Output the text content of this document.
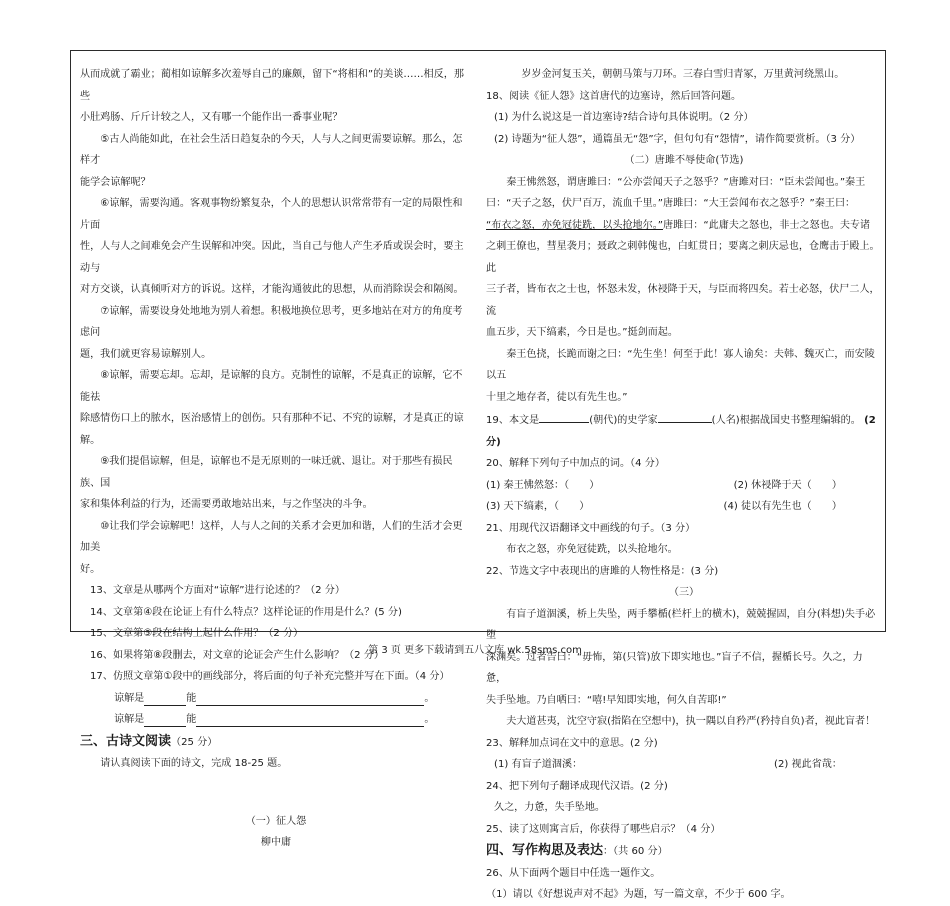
从而成就了霸业；蔺相如谅解多次羞辱自己的廉颇，留下“将相和”的美谈……相反，那些

小肚鸡肠、斤斤计较之人，又有哪一个能作出一番事业呢？

⑤古人尚能如此，在社会生活日趋复杂的今天，人与人之间更需要谅解。那么，怎样才

能学会谅解呢？

⑥谅解，需要沟通。客观事物纷繁复杂，个人的思想认识常常带有一定的局限性和片面

性，人与人之间难免会产生误解和冲突。因此，当自己与他人产生矛盾或误会时，要主动与

对方交谈，认真倾听对方的诉说。这样，才能沟通彼此的思想，从而消除误会和隔阂。

⑦谅解，需要设身处地地为别人着想。积极地换位思考，更多地站在对方的角度考虑问

题，我们就更容易谅解别人。

⑧谅解，需要忘却。忘却，是谅解的良方。克制性的谅解，不是真正的谅解，它不能祛

除感情伤口上的脓水，医治感情上的创伤。只有那种不记、不究的谅解，才是真正的谅解。

⑨我们提倡谅解，但是，谅解也不是无原则的一味迁就、退让。对于那些有损民族、国

家和集体利益的行为，还需要勇敢地站出来，与之作坚决的斗争。

⑩让我们学会谅解吧！这样，人与人之间的关系才会更加和谐，人们的生活才会更加美

好。

13、文章是从哪两个方面对“谅解”进行论述的？（2 分）

14、文章第④段在论证上有什么特点？这样论证的作用是什么？(5 分)

15、文章第⑤段在结构上起什么作用？（2 分）

16、如果将第⑧段删去，对文章的论证会产生什么影响？（2 分）

17、仿照文章第①段中的画线部分，将后面的句子补充完整并写在下面。（4 分）

谅解是	能	。
谅解是	能	。

三、古诗文阅读（25 分）

请认真阅读下面的诗文，完成 18-25 题。

（一）征人怨

柳中庸

岁岁金河复玉关，朝朝马策与刀环。三春白雪归青冢，万里黄河绕黑山。

18、阅读《征人怨》这首唐代的边塞诗，然后回答问题。

(1) 为什么说这是一首边塞诗?结合诗句具体说明。（2 分）

(2) 诗题为“征人怨”，通篇虽无“怨”字，但句句有“怨情”，请作简要赏析。（3 分）

（二）唐雎不辱使命(节选)

秦王怫然怒，谓唐雎曰：“公亦尝闻天子之怒乎？”唐雎对曰：“臣未尝闻也。”秦王

曰：“天子之怒，伏尸百万，流血千里。”唐雎曰：“大王尝闻布衣之怒乎？”秦王曰：

“布衣之怒，亦免冠徒跣，以头抢地尔。”唐雎曰：“此庸夫之怒也，非士之怒也。夫专诸

之刺王僚也，彗星袭月；聂政之刺韩傀也，白虹贯日；要离之刺庆忌也，仓鹰击于殿上。此

三子者，皆布衣之士也，怀怒未发，休祲降于天，与臣而将四矣。若士必怒，伏尸二人，流

血五步，天下缟素，今日是也。”挺剑而起。

秦王色挠，长跪而谢之曰：“先生坐！何至于此！寡人谕矣：夫韩、魏灭亡，而安陵以五

十里之地存者，徒以有先生也。”

19、本文是	(朝代)的史学家	(人名)根据战国史书整理编辑的。 (2

分)

20、解释下列句子中加点的词。（4 分）

(1) 秦王怫然怒：（　　）	(2) 休祲降于天（　　）
(3) 天下缟素，（　　）	(4) 徒以有先生也（　　）

21、用现代汉语翻译文中画线的句子。（3 分）

布衣之怒，亦免冠徒跣，以头抢地尔。

22、节选文字中表现出的唐雎的人物性格是：(3 分)

（三）

有盲子道涸溪，桥上失坠，两手攀楯(栏杆上的横木)，兢兢握固，自分(料想)失手必堕

深渊矣。过者告曰：“毋怖，第(只管)放下即实地也。”盲子不信，握楯长号。久之，力惫，

失手坠地。乃自哂曰：“嘻!早知即实地，何久自苦耶!”

夫大道甚夷，沈空守寂(指陷在空想中)，执一隅以自矜严(矜持自负)者，视此盲者！

23、解释加点词在文中的意思。(2 分)

(1) 有盲子道涸溪：	(2) 视此省哉：

24、把下列句子翻译成现代汉语。(2 分)

久之，力惫，失手坠地。

25、读了这则寓言后，你获得了哪些启示？（4 分）

四、写作构思及表达：（共 60 分）

26、从下面两个题目中任选一题作文。

（1）请以《好想说声对不起》为题，写一篇文章，不少于 600 字。

第 3 页 更多下载请到五八文库 wk.58sms.com
